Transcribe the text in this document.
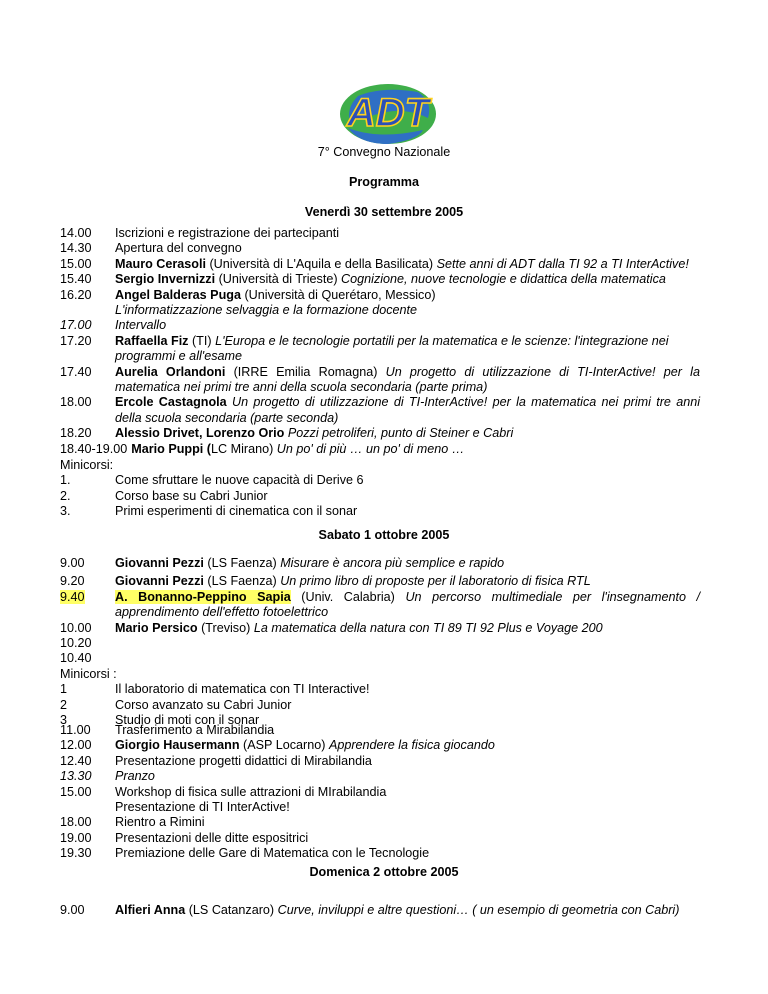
ADT
7° Convegno Nazionale
Programma
Venerdì 30 settembre 2005
14.00	Iscrizioni e registrazione dei partecipanti
14.30	Apertura del convegno
15.00	Mauro Cerasoli (Università di L'Aquila e della Basilicata) Sette anni di ADT dalla TI 92 a TI InterActive!
15.40	Sergio Invernizzi (Università di Trieste) Cognizione, nuove tecnologie e didattica della matematica
16.20	Angel Balderas Puga (Università di Querétaro, Messico)
L'informatizzazione selvaggia e la formazione docente
17.00	Intervallo
17.20	Raffaella Fiz (TI) L'Europa e le tecnologie portatili per la matematica e le scienze: l'integrazione nei programmi e all'esame
17.40	Aurelia Orlandoni (IRRE Emilia Romagna) Un progetto di utilizzazione di TI-InterActive! per la matematica nei primi tre anni della scuola secondaria (parte prima)
18.00	Ercole Castagnola Un progetto di utilizzazione di TI-InterActive! per la matematica nei primi tre anni della scuola secondaria (parte seconda)
18.20	Alessio Drivet, Lorenzo Orio Pozzi petroliferi, punto di Steiner e Cabri
18.40-19.00 Mario Puppi (LC Mirano) Un po' di più … un po' di meno …
Minicorsi:
1.	Come sfruttare le nuove capacità di Derive 6
2.	Corso base su Cabri Junior
3.	Primi esperimenti di cinematica con il sonar
Sabato 1 ottobre 2005
9.00	Giovanni Pezzi (LS Faenza) Misurare è ancora più semplice e rapido
9.20	Giovanni Pezzi (LS Faenza) Un primo libro di proposte per il laboratorio di fisica RTL
9.40	A. Bonanno-Peppino Sapia (Univ. Calabria) Un percorso multimediale per l'insegnamento / apprendimento dell'effetto fotoelettrico
10.00	Mario Persico (Treviso) La matematica della natura con TI 89 TI 92 Plus e Voyage 200
10.20
10.40
Minicorsi :
1	Il laboratorio di matematica con TI Interactive!
2	Corso avanzato su Cabri Junior
3	Studio di moti con il sonar
11.00	Trasferimento a Mirabilandia
12.00	Giorgio Hausermann (ASP Locarno) Apprendere la fisica giocando
12.40	Presentazione progetti didattici di Mirabilandia
13.30	Pranzo
15.00	Workshop di fisica sulle attrazioni di MIrabilandia
Presentazione di TI InterActive!
18.00	Rientro a Rimini
19.00	Presentazioni delle ditte espositrici
19.30	Premiazione delle Gare di Matematica con le Tecnologie
Domenica 2 ottobre 2005
9.00	Alfieri Anna (LS Catanzaro) Curve, inviluppi e altre questioni… ( un esempio di geometria con Cabri)
